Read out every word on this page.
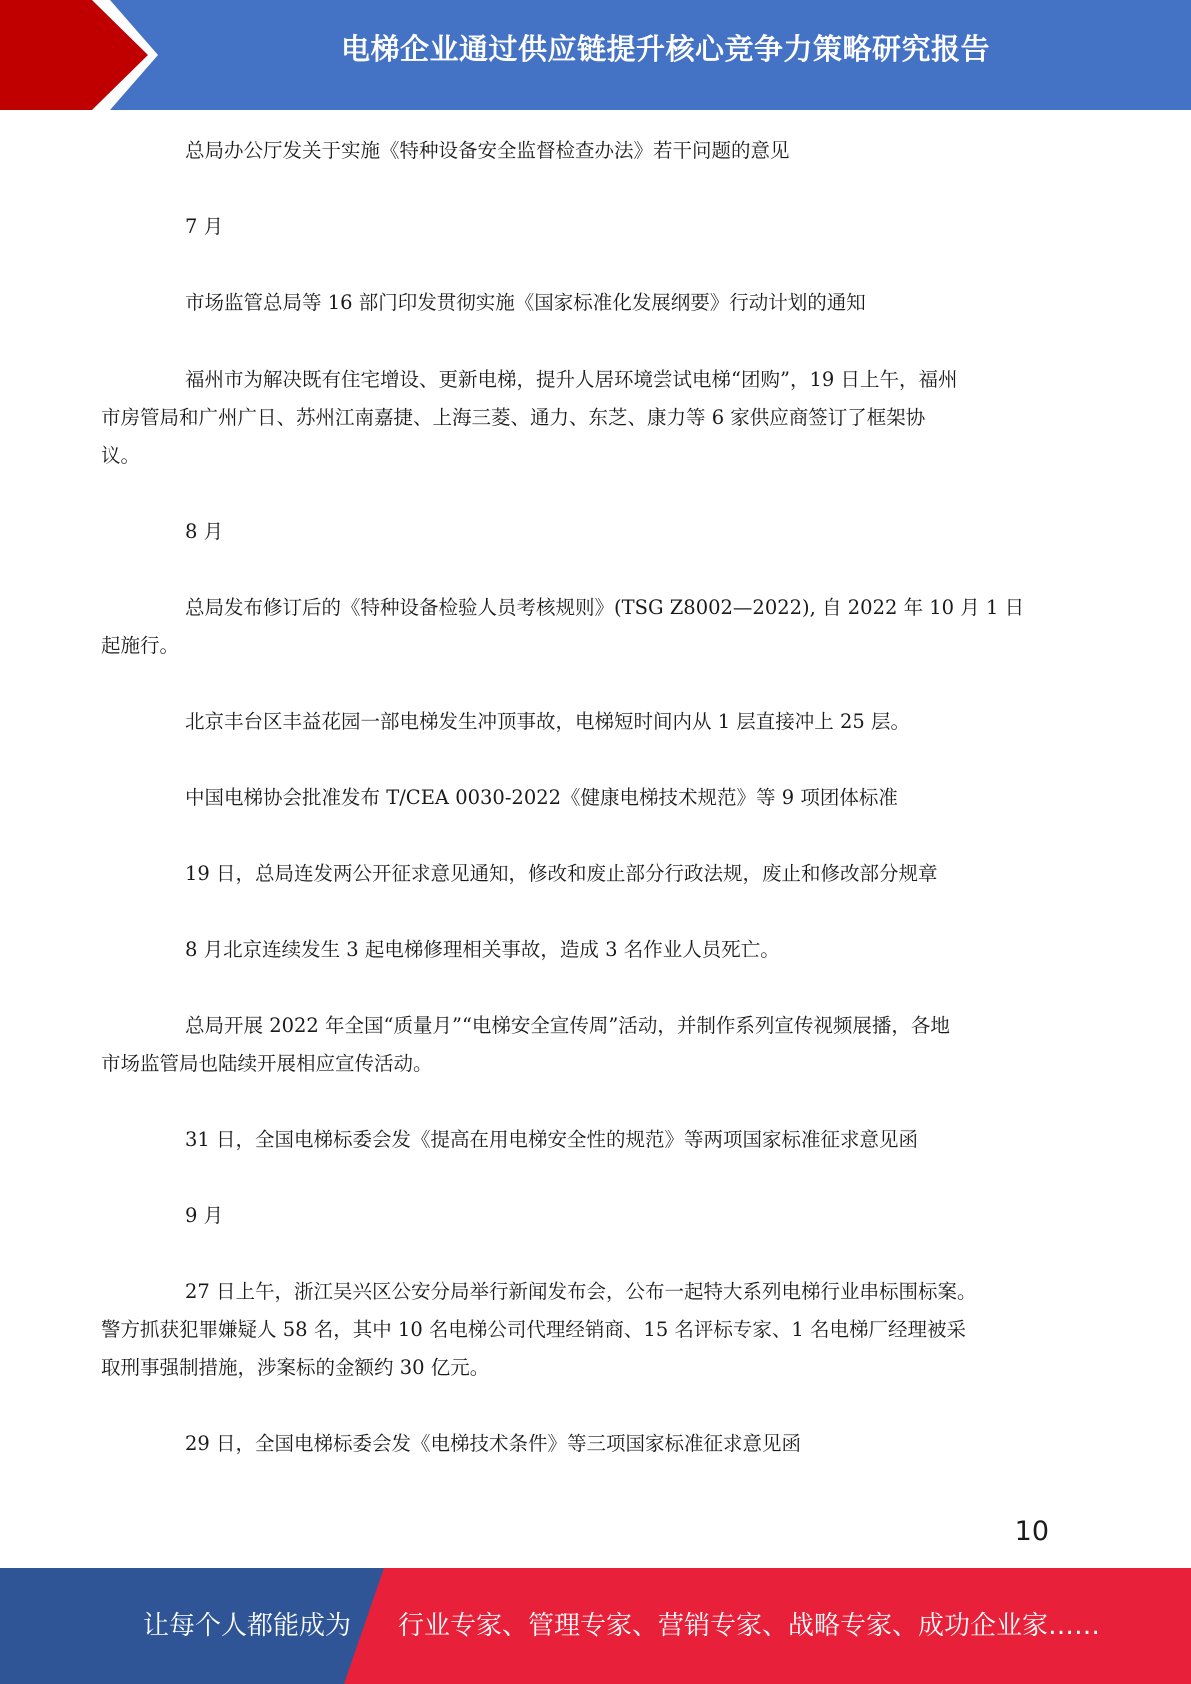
电梯企业通过供应链提升核心竞争力策略研究报告

总局办公厅发关于实施《特种设备安全监督检查办法》若干问题的意见

7 月

市场监管总局等 16 部门印发贯彻实施《国家标准化发展纲要》行动计划的通知

福州市为解决既有住宅增设、更新电梯，提升人居环境尝试电梯“团购”，19 日上午，福州
市房管局和广州广日、苏州江南嘉捷、上海三菱、通力、东芝、康力等 6 家供应商签订了框架协
议。

8 月

总局发布修订后的《特种设备检验人员考核规则》(TSG Z8002—2022), 自 2022 年 10 月 1 日
起施行。

北京丰台区丰益花园一部电梯发生冲顶事故，电梯短时间内从 1 层直接冲上 25 层。

中国电梯协会批准发布 T/CEA 0030-2022《健康电梯技术规范》等 9 项团体标准

19 日，总局连发两公开征求意见通知，修改和废止部分行政法规，废止和修改部分规章

8 月北京连续发生 3 起电梯修理相关事故，造成 3 名作业人员死亡。

总局开展 2022 年全国“质量月”“电梯安全宣传周”活动，并制作系列宣传视频展播，各地
市场监管局也陆续开展相应宣传活动。

31 日，全国电梯标委会发《提高在用电梯安全性的规范》等两项国家标准征求意见函

9 月

27 日上午，浙江吴兴区公安分局举行新闻发布会，公布一起特大系列电梯行业串标围标案。
警方抓获犯罪嫌疑人 58 名，其中 10 名电梯公司代理经销商、15 名评标专家、1 名电梯厂经理被采
取刑事强制措施，涉案标的金额约 30 亿元。

29 日，全国电梯标委会发《电梯技术条件》等三项国家标准征求意见函

10
让每个人都能成为 行业专家、管理专家、营销专家、战略专家、成功企业家……
